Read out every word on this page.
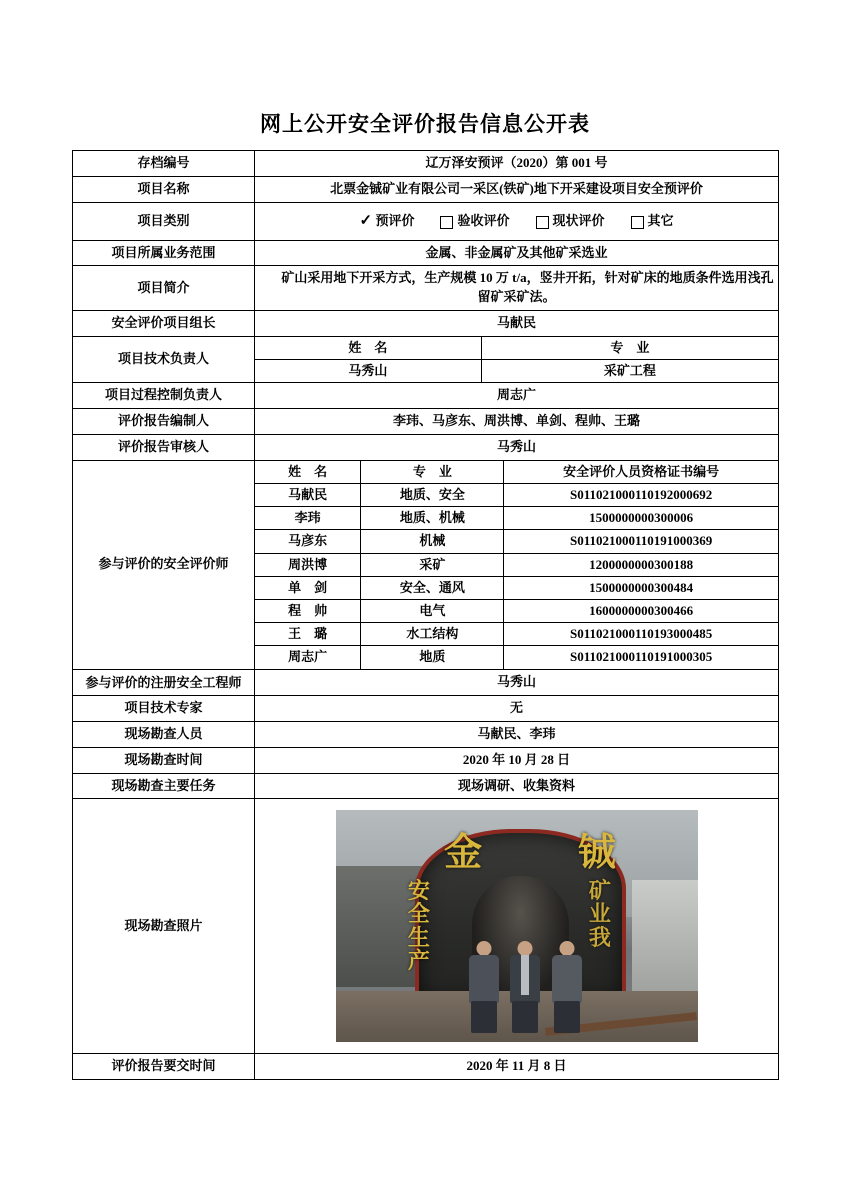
网上公开安全评价报告信息公开表
存档编号	辽万泽安预评（2020）第 001 号
项目名称	北票金铖矿业有限公司一采区(铁矿)地下开采建设项目安全预评价
项目类别	✓ 预评价	验收评价	现状评价	其它

项目所属业务范围	金属、非金属矿及其他矿采选业
项目简介	矿山采用地下开采方式，生产规模 10 万 t/a，竖井开拓，针对矿床的地质条件选用浅孔留矿采矿法。
安全评价项目组长	马献民
项目技术负责人	
姓　名	专　业
马秀山	采矿工程

项目过程控制负责人	周志广
评价报告编制人	李玮、马彦东、周洪博、单剑、程帅、王璐
评价报告审核人	马秀山
参与评价的安全评价师	
姓　名	专　业	安全评价人员资格证书编号
马献民	地质、安全	S011021000110192000692
李玮	地质、机械	1500000000300006
马彦东	机械	S011021000110191000369
周洪博	采矿	1200000000300188
单　剑	安全、通风	1500000000300484
程　帅	电气	1600000000300466
王　璐	水工结构	S011021000110193000485
周志广	地质	S011021000110191000305

参与评价的注册安全工程师	马秀山
项目技术专家	无
现场勘查人员	马献民、李玮
现场勘查时间	2020 年 10 月 28 日
现场勘查主要任务	现场调研、收集资料
现场勘查照片	
金	铖
安
全
生
产
矿
业
我

评价报告要交时间	2020 年 11 月 8 日
